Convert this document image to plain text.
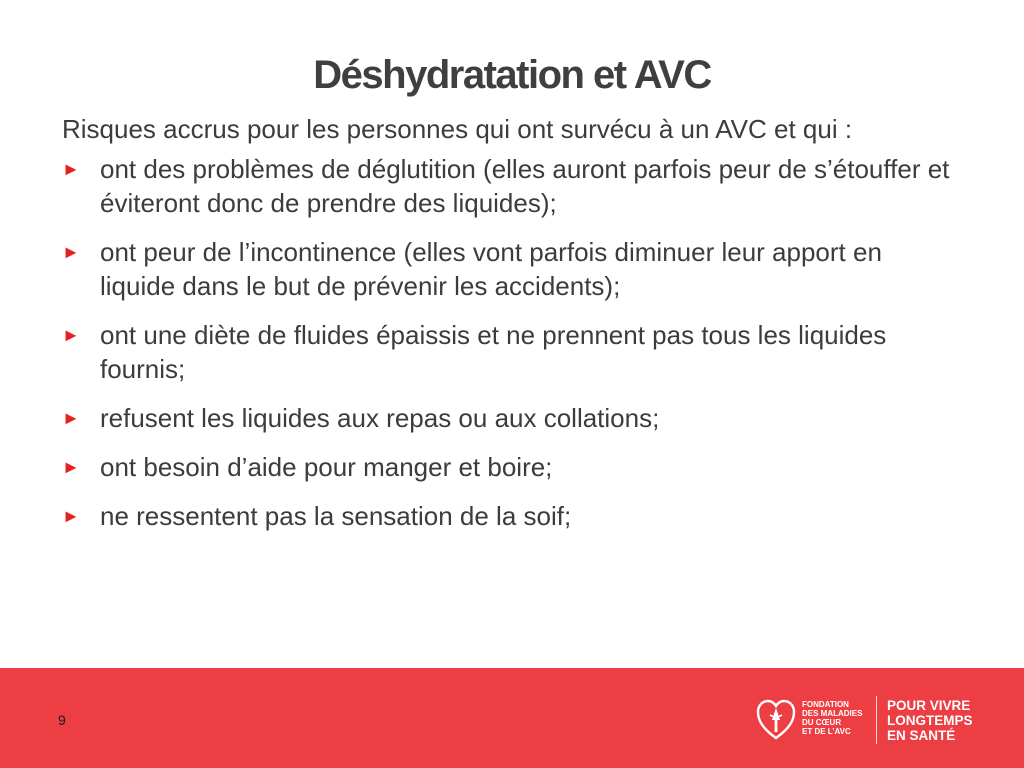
Déshydratation et AVC

Risques accrus pour les personnes qui ont survécu à un AVC et qui :

► ont des problèmes de déglutition (elles auront parfois peur de s’étouffer et éviteront donc de prendre des liquides);
► ont peur de l’incontinence (elles vont parfois diminuer leur apport en liquide dans le but de prévenir les accidents);
► ont une diète de fluides épaissis et ne prennent pas tous les liquides fournis;
► refusent les liquides aux repas ou aux collations;
► ont besoin d’aide pour manger et boire;
► ne ressentent pas la sensation de la soif;
9
FONDATION
DES MALADIES
DU CŒUR
ET DE L’AVC
POUR VIVRE
LONGTEMPS
EN SANTÉ
